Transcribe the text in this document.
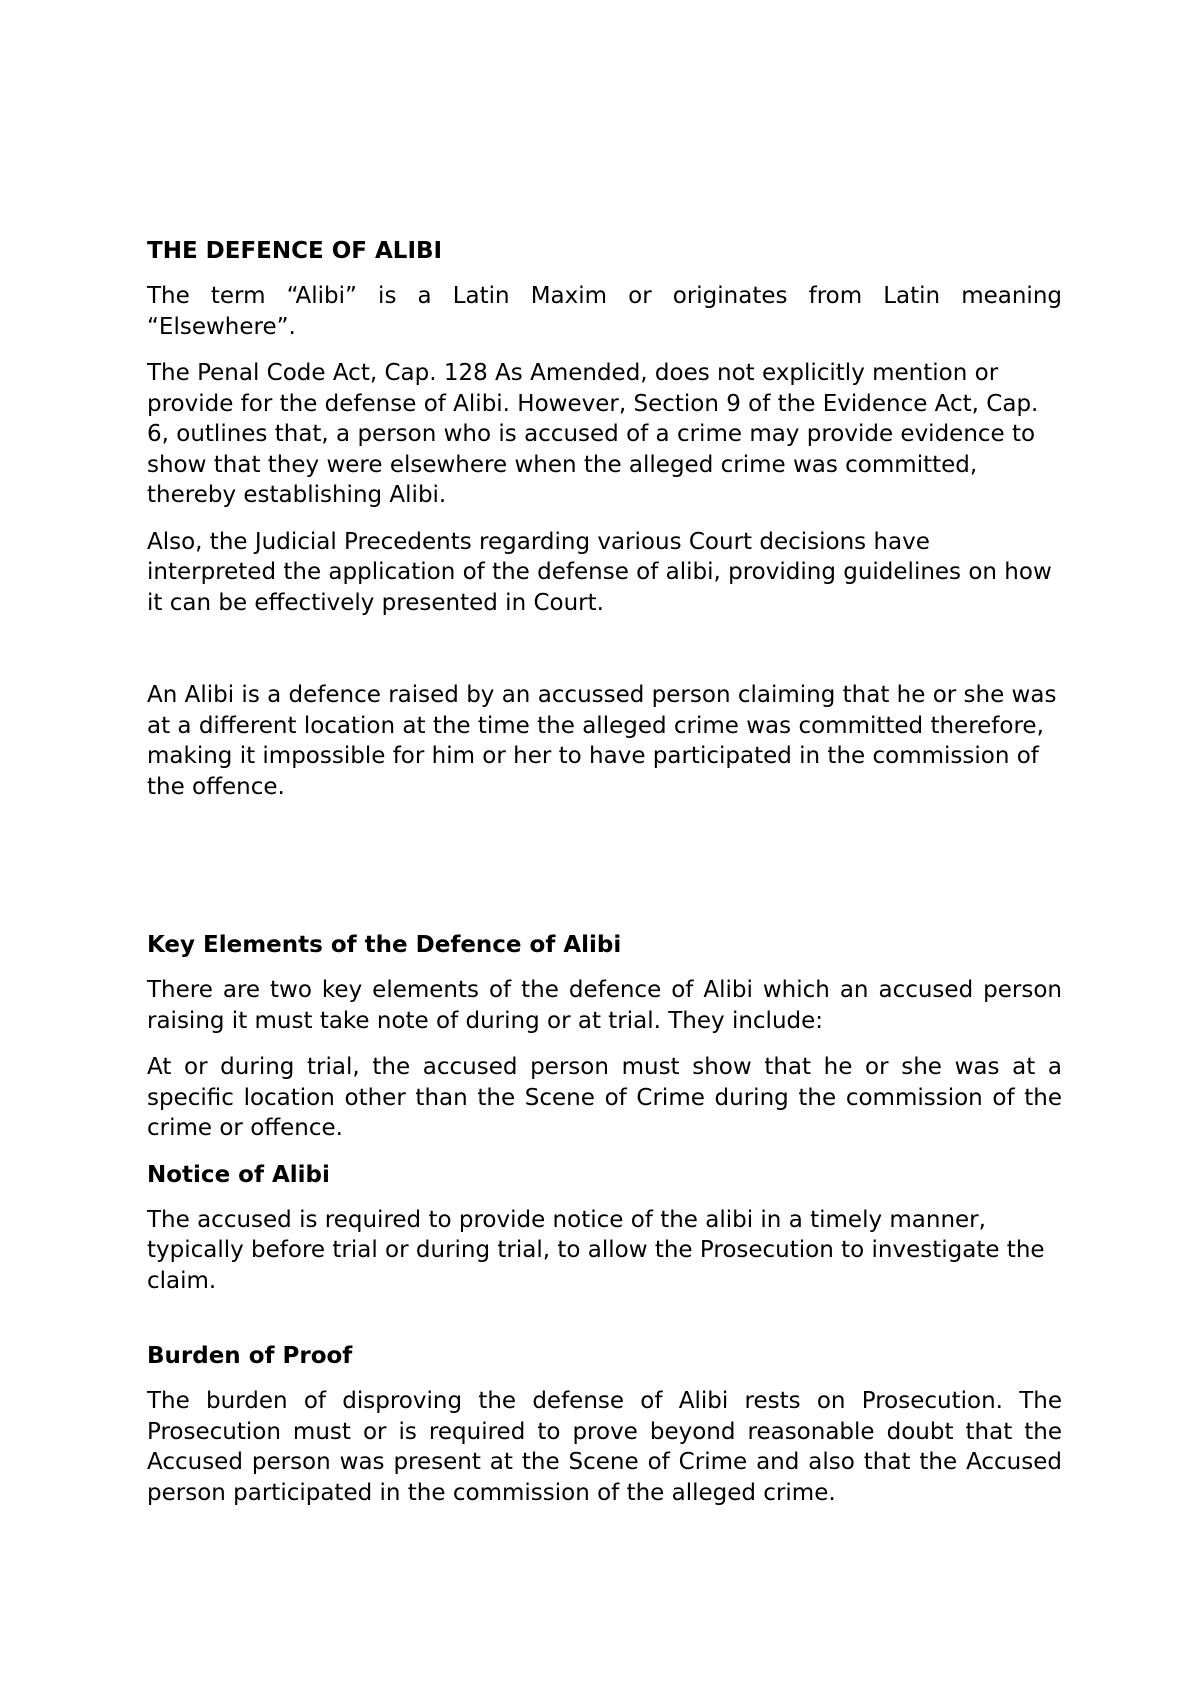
THE DEFENCE OF ALIBI

The term “Alibi” is a Latin Maxim or originates from Latin meaning “Elsewhere”.

The Penal Code Act, Cap. 128 As Amended, does not explicitly mention or provide for the defense of Alibi. However, Section 9 of the Evidence Act, Cap. 6, outlines that, a person who is accused of a crime may provide evidence to show that they were elsewhere when the alleged crime was committed, thereby establishing Alibi.

Also, the Judicial Precedents regarding various Court decisions have interpreted the application of the defense of alibi, providing guidelines on how it can be effectively presented in Court.

An Alibi is a defence raised by an accussed person claiming that he or she was at a different location at the time the alleged crime was committed therefore, making it impossible for him or her to have participated in the commission of the offence.

Key Elements of the Defence of Alibi

There are two key elements of the defence of Alibi which an accused person raising it must take note of during or at trial. They include:

At or during trial, the accused person must show that he or she was at a specific location other than the Scene of Crime during the commission of the crime or offence.

Notice of Alibi

The accused is required to provide notice of the alibi in a timely manner, typically before trial or during trial, to allow the Prosecution to investigate the claim.

Burden of Proof

The burden of disproving the defense of Alibi rests on Prosecution. The Prosecution must or is required to prove beyond reasonable doubt that the Accused person was present at the Scene of Crime and also that the Accused person participated in the commission of the alleged crime.
